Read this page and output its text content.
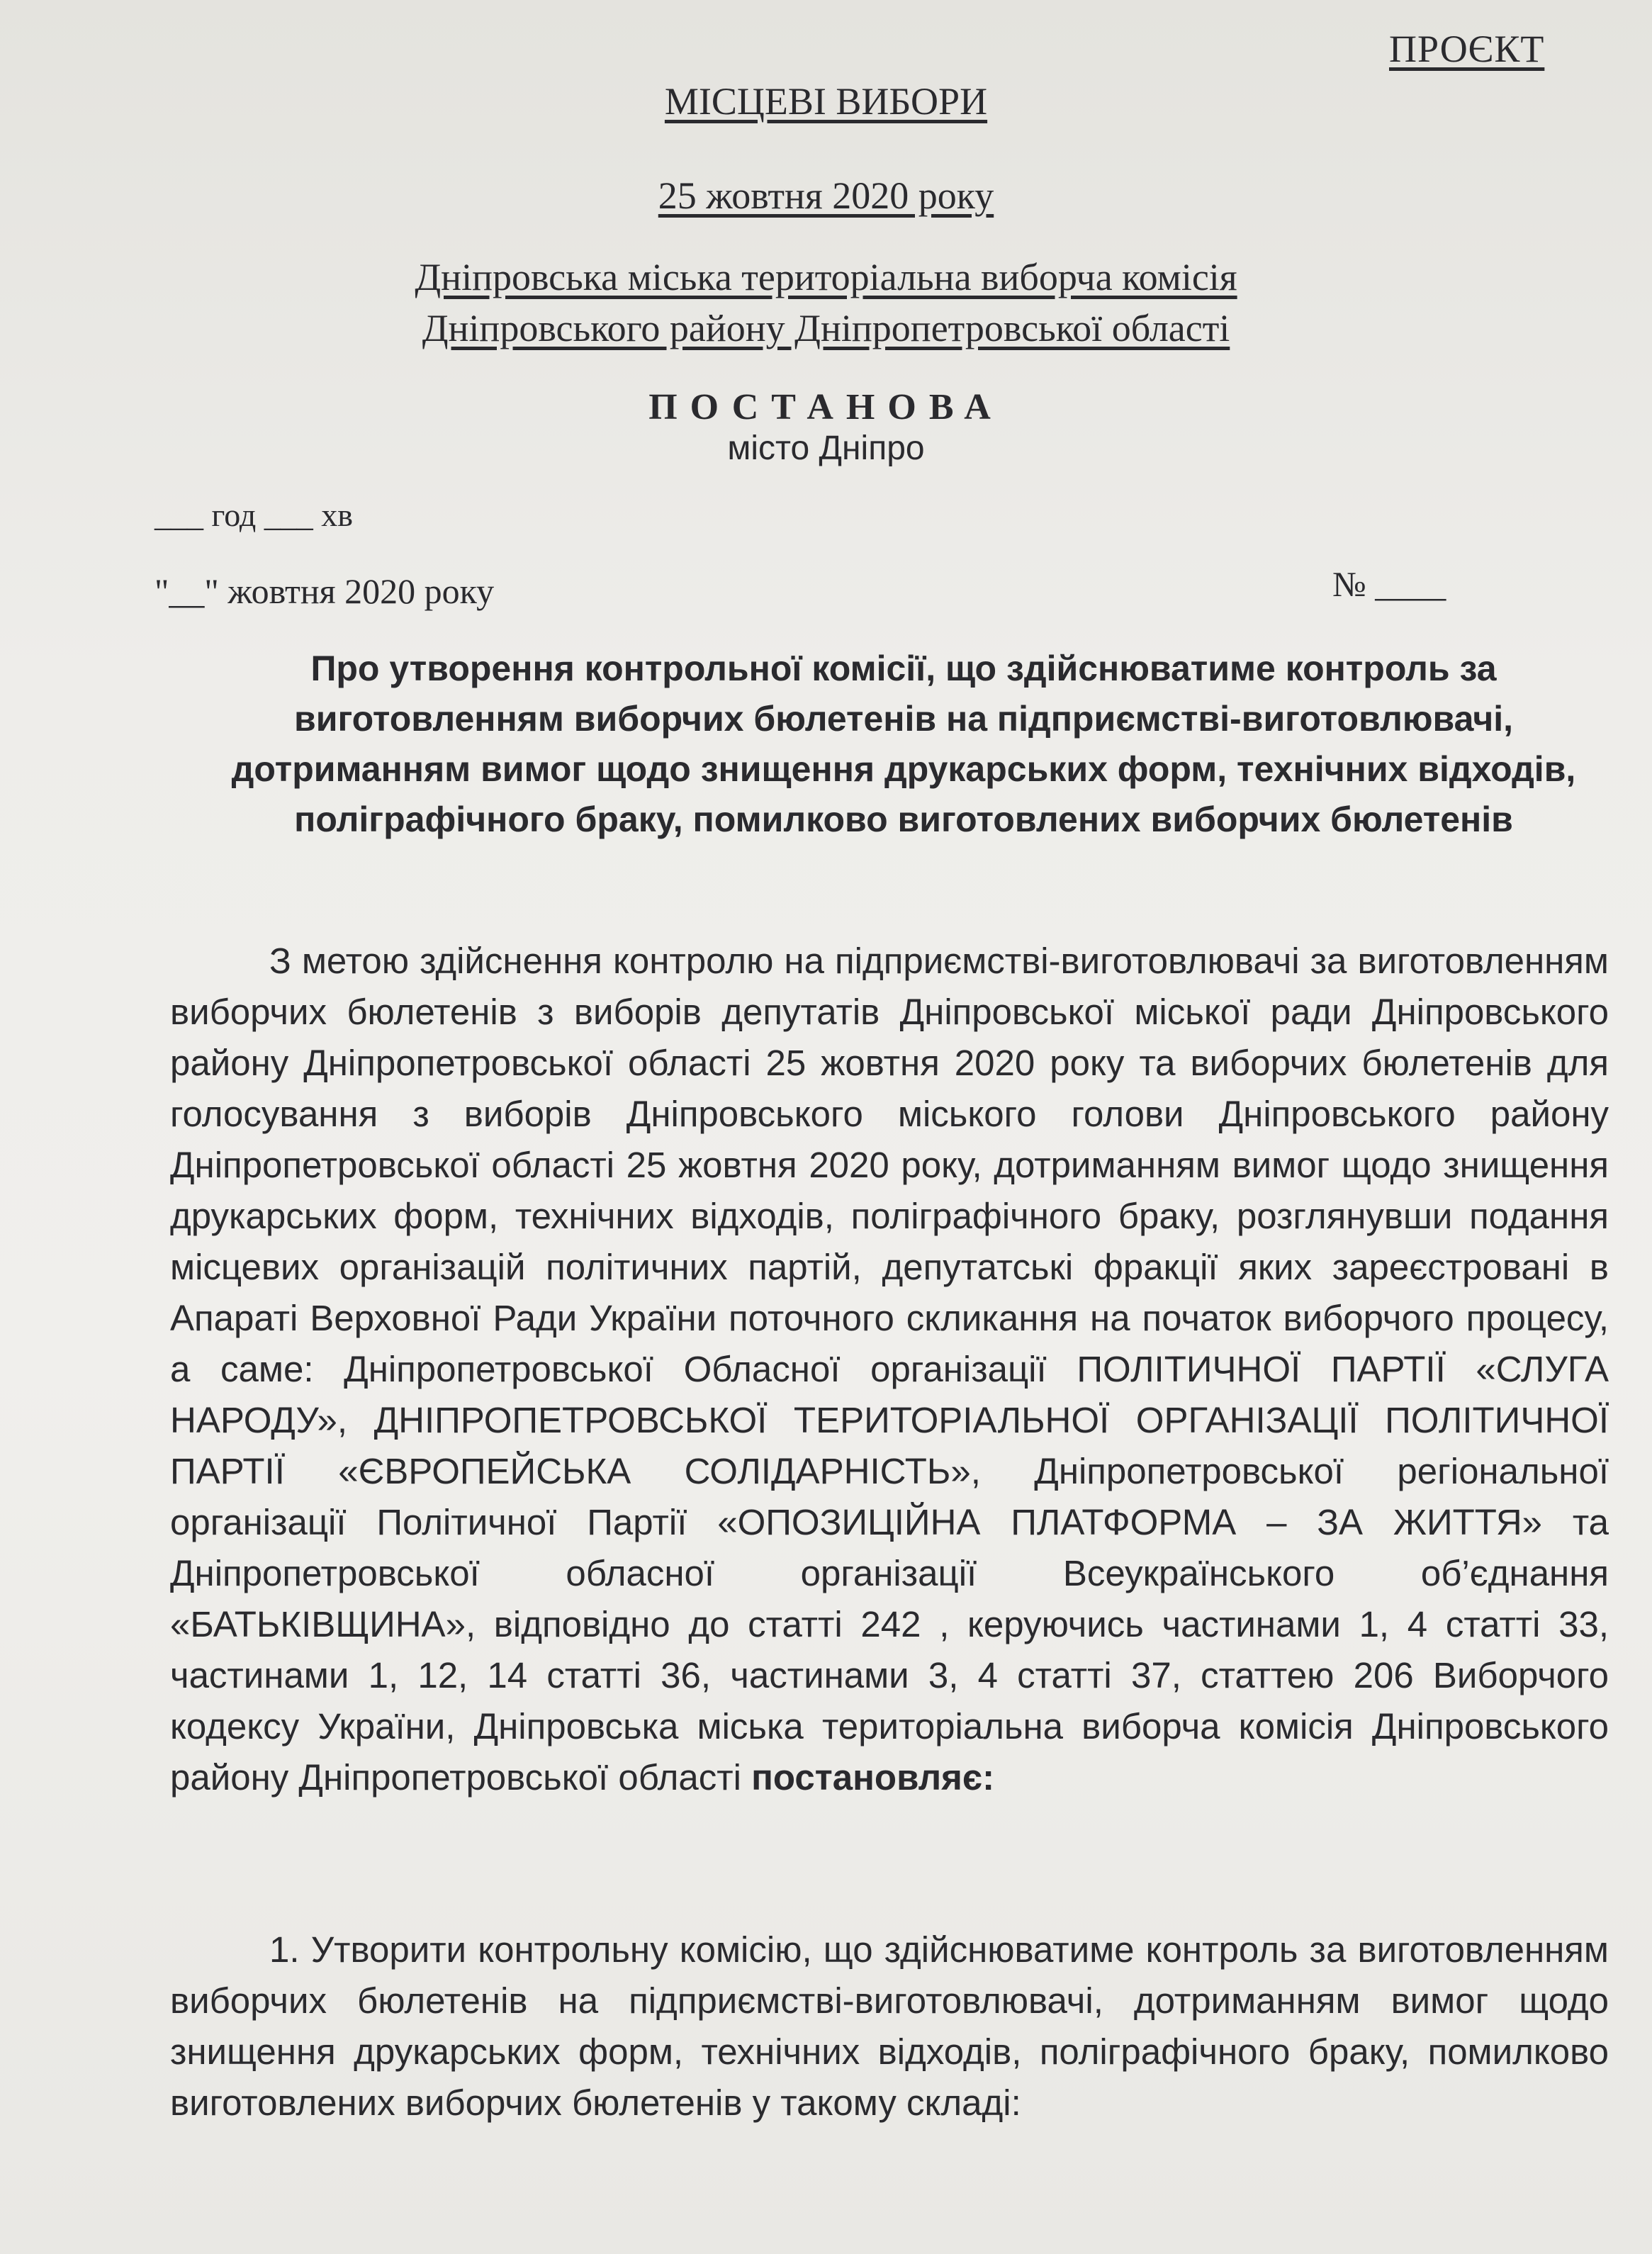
ПРОЄКТ
МІСЦЕВІ ВИБОРИ
25 жовтня 2020 року
Дніпровська міська територіальна виборча комісія
Дніпровського району Дніпропетровської області
ПОСТАНОВА
місто Дніпро
___ год ___ хв
"__" жовтня 2020 року	№ ____
Про утворення контрольної комісії, що здійснюватиме контроль за виготовленням виборчих бюлетенів на підприємстві-виготовлювачі, дотриманням вимог щодо знищення друкарських форм, технічних відходів, поліграфічного браку, помилково виготовлених виборчих бюлетенів
З метою здійснення контролю на підприємстві-виготовлювачі за виготовленням виборчих бюлетенів з виборів депутатів Дніпровської міської ради Дніпровського району Дніпропетровської області 25 жовтня 2020 року та виборчих бюлетенів для голосування з виборів Дніпровського міського голови Дніпровського району Дніпропетровської області 25 жовтня 2020 року, дотриманням вимог щодо знищення друкарських форм, технічних відходів, поліграфічного браку, розглянувши подання місцевих організацій політичних партій, депутатські фракції яких зареєстровані в Апараті Верховної Ради України поточного скликання на початок виборчого процесу, а саме: Дніпропетровської Обласної організації ПОЛІТИЧНОЇ ПАРТІЇ «СЛУГА НАРОДУ», ДНІПРОПЕТРОВСЬКОЇ ТЕРИТОРІАЛЬНОЇ ОРГАНІЗАЦІЇ ПОЛІТИЧНОЇ ПАРТІЇ «ЄВРОПЕЙСЬКА СОЛІДАРНІСТЬ», Дніпропетровської регіональної організації Політичної Партії «ОПОЗИЦІЙНА ПЛАТФОРМА – ЗА ЖИТТЯ» та Дніпропетровської обласної організації Всеукраїнського об’єднання «БАТЬКІВЩИНА», відповідно до статті 242 , керуючись частинами 1, 4 статті 33, частинами 1, 12, 14 статті 36, частинами 3, 4 статті 37, статтею 206 Виборчого кодексу України, Дніпровська міська територіальна виборча комісія Дніпровського району Дніпропетровської області постановляє:
1. Утворити контрольну комісію, що здійснюватиме контроль за виготовленням виборчих бюлетенів на підприємстві-виготовлювачі, дотриманням вимог щодо знищення друкарських форм, технічних відходів, поліграфічного браку, помилково виготовлених виборчих бюлетенів у такому складі:
